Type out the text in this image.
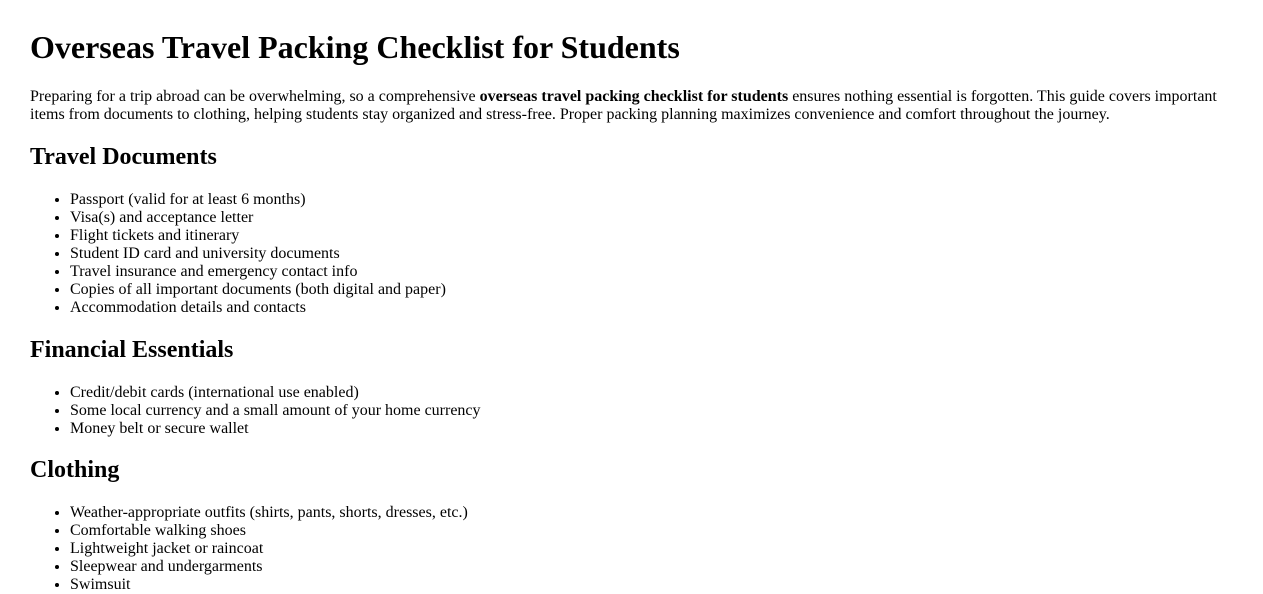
Overseas Travel Packing Checklist for Students

Preparing for a trip abroad can be overwhelming, so a comprehensive overseas travel packing checklist for students ensures nothing essential is forgotten. This guide covers important items from documents to clothing, helping students stay organized and stress-free. Proper packing planning maximizes convenience and comfort throughout the journey.

Travel Documents
• Passport (valid for at least 6 months)
• Visa(s) and acceptance letter
• Flight tickets and itinerary
• Student ID card and university documents
• Travel insurance and emergency contact info
• Copies of all important documents (both digital and paper)
• Accommodation details and contacts
Financial Essentials
• Credit/debit cards (international use enabled)
• Some local currency and a small amount of your home currency
• Money belt or secure wallet
Clothing
• Weather-appropriate outfits (shirts, pants, shorts, dresses, etc.)
• Comfortable walking shoes
• Lightweight jacket or raincoat
• Sleepwear and undergarments
• Swimsuit
